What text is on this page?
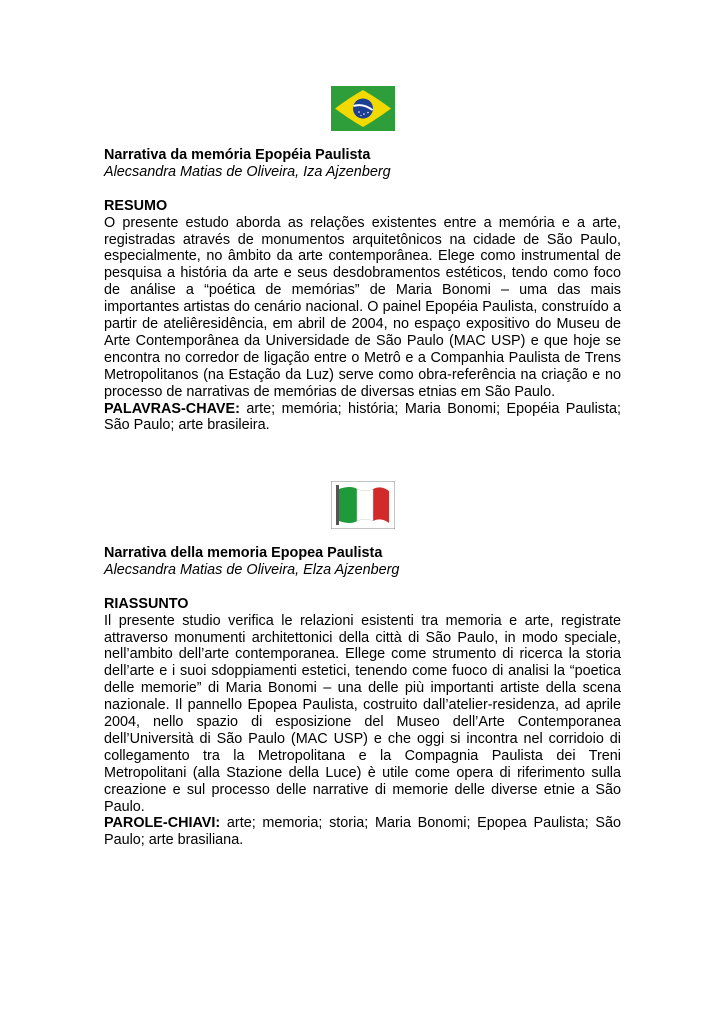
Narrativa da memória Epopéia Paulista

Alecsandra Matias de Oliveira, Iza Ajzenberg

RESUMO

O presente estudo aborda as relações existentes entre a memória e a arte, registradas através de monumentos arquitetônicos na cidade de São Paulo, especialmente, no âmbito da arte contemporânea. Elege como instrumental de pesquisa a história da arte e seus desdobramentos estéticos, tendo como foco de análise a “poética de memórias” de Maria Bonomi – uma das mais importantes artistas do cenário nacional. O painel Epopéia Paulista, construído a partir de ateliêresidência, em abril de 2004, no espaço expositivo do Museu de Arte Contemporânea da Universidade de São Paulo (MAC USP) e que hoje se encontra no corredor de ligação entre o Metrô e a Companhia Paulista de Trens Metropolitanos (na Estação da Luz) serve como obra-referência na criação e no processo de narrativas de memórias de diversas etnias em São Paulo.

PALAVRAS-CHAVE: arte; memória; história; Maria Bonomi; Epopéia Paulista; São Paulo; arte brasileira.

Narrativa della memoria Epopea Paulista

Alecsandra Matias de Oliveira, Elza Ajzenberg

RIASSUNTO

Il presente studio verifica le relazioni esistenti tra memoria e arte, registrate attraverso monumenti architettonici della città di São Paulo, in modo speciale, nell’ambito dell’arte contemporanea. Ellege come strumento di ricerca la storia dell’arte e i suoi sdoppiamenti estetici, tenendo come fuoco di analisi la “poetica delle memorie” di Maria Bonomi – una delle più importanti artiste della scena nazionale. Il pannello Epopea Paulista, costruito dall’atelier-residenza, ad aprile 2004, nello spazio di esposizione del Museo dell’Arte Contemporanea dell’Università di São Paulo (MAC USP) e che oggi si incontra nel corridoio di collegamento tra la Metropolitana e la Compagnia Paulista dei Treni Metropolitani (alla Stazione della Luce) è utile come opera di riferimento sulla creazione e sul processo delle narrative di memorie delle diverse etnie a São Paulo.

PAROLE-CHIAVI: arte; memoria; storia; Maria Bonomi; Epopea Paulista; São Paulo; arte brasiliana.
